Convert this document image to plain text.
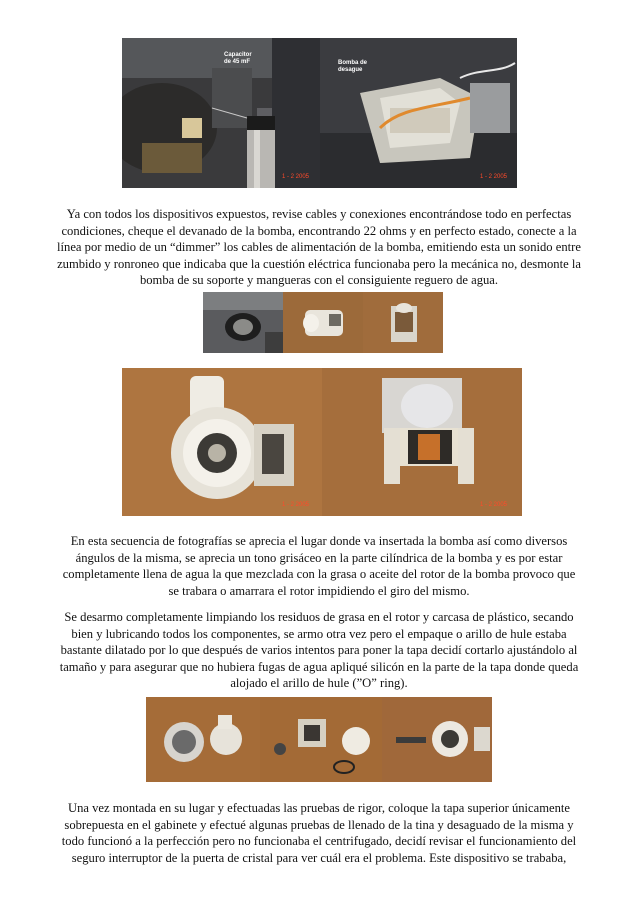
Capacitor
de 45 mF
1 - 2 2005
Bomba de
desague
1 - 2 2005

Ya con todos los dispositivos expuestos, revise cables y conexiones encontrándose todo en perfectas condiciones, cheque el devanado de la bomba, encontrando 22 ohms y en perfecto estado, conecte a la línea por medio de un “dimmer” los cables de alimentación de la bomba, emitiendo esta un sonido entre zumbido y ronroneo que indicaba que la cuestión eléctrica funcionaba pero la mecánica no, desmonte la bomba de su soporte y mangueras con el consiguiente reguero de agua.

1 - 2 2005	1 - 2 2005

En esta secuencia de fotografías se aprecia el lugar donde va insertada la bomba así como diversos ángulos de la misma, se aprecia un tono grisáceo en la parte cilíndrica de la bomba y es por estar completamente llena de agua la que mezclada con la grasa o aceite del rotor de la bomba provoco que se trabara o amarrara el rotor impidiendo el giro del mismo.

Se desarmo completamente limpiando los residuos de grasa en el rotor y carcasa de plástico, secando bien y lubricando todos los componentes, se armo otra vez pero el empaque o arillo de hule estaba bastante dilatado por lo que después de varios intentos para poner la tapa decidí cortarlo ajustándolo al tamaño y para asegurar que no hubiera fugas de agua apliqué silicón en la parte de la tapa donde queda alojado el arillo de hule (”O” ring).

Una vez montada en su lugar y efectuadas las pruebas de rigor, coloque la tapa superior únicamente sobrepuesta en el gabinete y efectué algunas pruebas de llenado de la tina y desaguado de la misma y todo funcionó a la perfección pero no funcionaba el centrifugado, decidí revisar el funcionamiento del seguro interruptor de la puerta de cristal para ver cuál era el problema. Este dispositivo se trababa,
